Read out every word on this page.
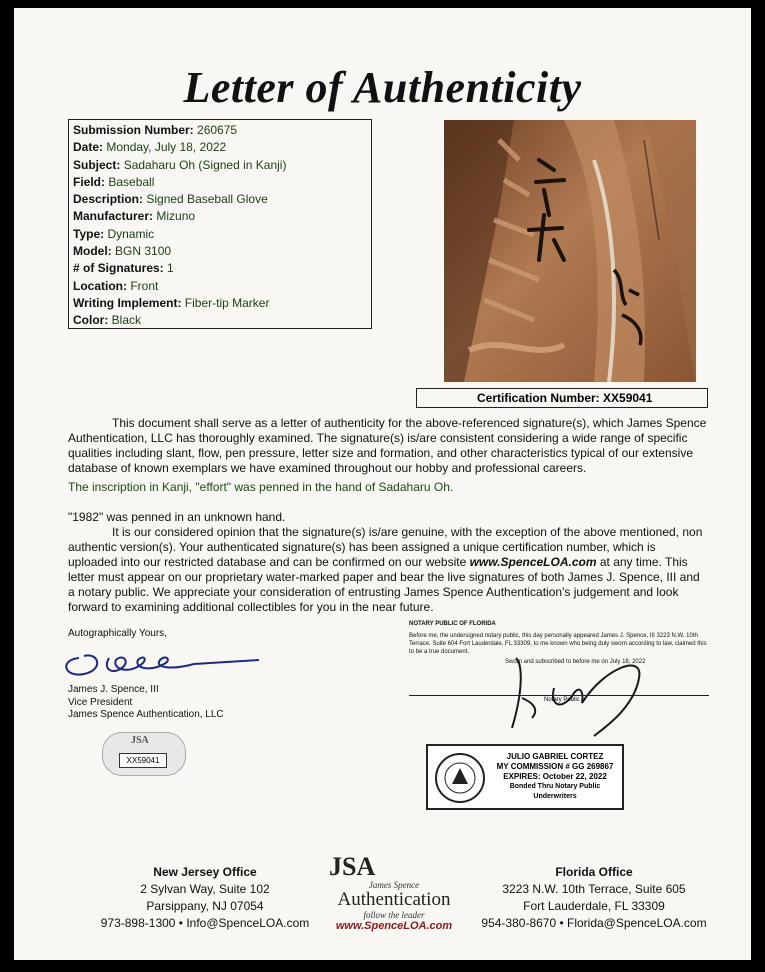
Letter of Authenticity
Submission Number: 260675
Date: Monday, July 18, 2022
Subject: Sadaharu Oh (Signed in Kanji)
Field: Baseball
Description: Signed Baseball Glove
Manufacturer: Mizuno
Type: Dynamic
Model: BGN 3100
# of Signatures: 1
Location: Front
Writing Implement: Fiber-tip Marker
Color: Black
Certification Number: XX59041
This document shall serve as a letter of authenticity for the above-referenced signature(s), which James Spence Authentication, LLC has thoroughly examined. The signature(s) is/are consistent considering a wide range of specific qualities including slant, flow, pen pressure, letter size and formation, and other characteristics typical of our extensive database of known exemplars we have examined throughout our hobby and professional careers.
The inscription in Kanji, "effort" was penned in the hand of Sadaharu Oh.
"1982" was penned in an unknown hand.
It is our considered opinion that the signature(s) is/are genuine, with the exception of the above mentioned, non authentic version(s). Your authenticated signature(s) has been assigned a unique certification number, which is uploaded into our restricted database and can be confirmed on our website www.SpenceLOA.com at any time. This letter must appear on our proprietary water-marked paper and bear the live signatures of both James J. Spence, III and a notary public. We appreciate your consideration of entrusting James Spence Authentication's judgement and look forward to examining additional collectibles for you in the near future.
Autographically Yours,
James J. Spence, III
Vice President
James Spence Authentication, LLC
JSA
XX59041
NOTARY PUBLIC OF FLORIDA
Before me, the undersigned notary public, this day personally appeared James J. Spence, III 3223 N.W. 10th Terrace, Suite 604 Fort Lauderdale, FL 33309, to me known who being duly sworn according to law, claimed this to be a true document.
Sworn and subscribed to before me on July 18, 2022
Notary Public
JULIO GABRIEL CORTEZ
MY COMMISSION # GG 269867
EXPIRES: October 22, 2022
Bonded Thru Notary Public Underwriters
New Jersey Office
2 Sylvan Way, Suite 102
Parsippany, NJ 07054
973-898-1300 • Info@SpenceLOA.com
JSA
James Spence
Authentication
follow the leader
www.SpenceLOA.com
Florida Office
3223 N.W. 10th Terrace, Suite 605
Fort Lauderdale, FL 33309
954-380-8670 • Florida@SpenceLOA.com
